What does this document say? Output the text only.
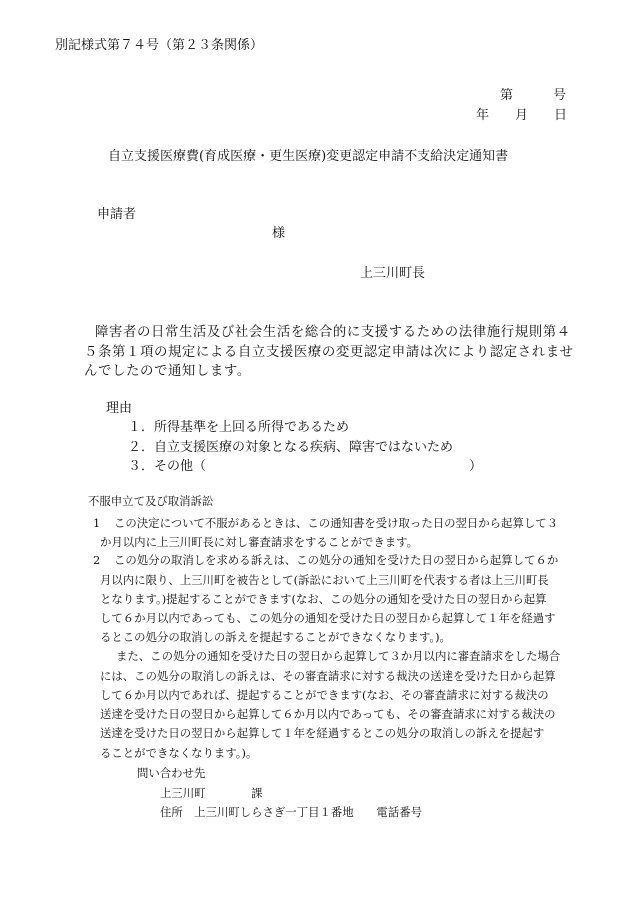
別記様式第７４号（第２３条関係）
第	号
年 月 日
自立支援医療費(育成医療・更生医療)変更認定申請不支給決定通知書
申請者
様
上三川町長
障害者の日常生活及び社会生活を総合的に支援するための法律施行規則第４
５条第１項の規定による自立支援医療の変更認定申請は次により認定されませ
んでしたので通知します。
理由
１．所得基準を上回る所得であるため
２．自立支援医療の対象となる疾病、障害ではないため
３．その他（	）
不服申立て及び取消訴訟
1 この決定について不服があるときは、この通知書を受け取った日の翌日から起算して３
か月以内に上三川町長に対し審査請求をすることができます。
2 この処分の取消しを求める訴えは、この処分の通知を受けた日の翌日から起算して６か
月以内に限り、上三川町を被告として(訴訟において上三川町を代表する者は上三川町長
となります。)提起することができます(なお、この処分の通知を受けた日の翌日から起算
して６か月以内であっても、この処分の通知を受けた日の翌日から起算して１年を経過す
るとこの処分の取消しの訴えを提起することができなくなります。)。
また、この処分の通知を受けた日の翌日から起算して３か月以内に審査請求をした場合
には、この処分の取消しの訴えは、その審査請求に対する裁決の送達を受けた日から起算
して６か月以内であれば、提起することができます(なお、その審査請求に対する裁決の
送達を受けた日の翌日から起算して６か月以内であっても、その審査請求に対する裁決の
送達を受けた日の翌日から起算して１年を経過するとこの処分の取消しの訴えを提起す
ることができなくなります。)。
問い合わせ先
上三川町　　　　課
住所　上三川町しらさぎ一丁目１番地　　電話番号
